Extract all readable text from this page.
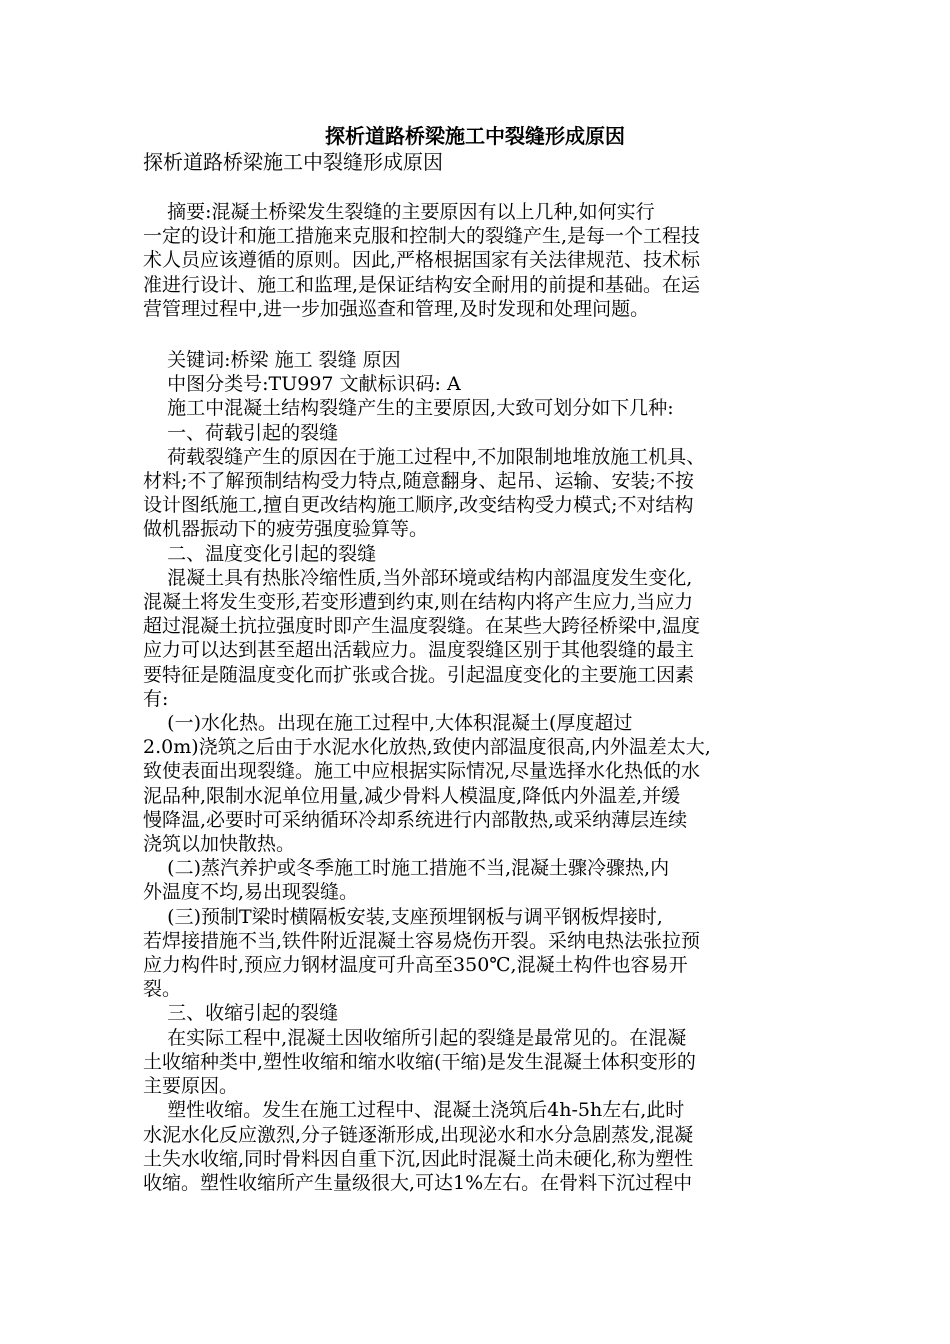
探析道路桥梁施工中裂缝形成原因
探析道路桥梁施工中裂缝形成原因
摘要:混凝土桥梁发生裂缝的主要原因有以上几种,如何实行
一定的设计和施工措施来克服和控制大的裂缝产生,是每一个工程技
术人员应该遵循的原则。因此,严格根据国家有关法律规范、技术标
准进行设计、施工和监理,是保证结构安全耐用的前提和基础。在运
营管理过程中,进一步加强巡查和管理,及时发现和处理问题。
关键词:桥梁 施工 裂缝 原因
中图分类号:TU997 文献标识码: A
施工中混凝土结构裂缝产生的主要原因,大致可划分如下几种:
一、荷载引起的裂缝
荷载裂缝产生的原因在于施工过程中,不加限制地堆放施工机具、
材料;不了解预制结构受力特点,随意翻身、起吊、运输、安装;不按
设计图纸施工,擅自更改结构施工顺序,改变结构受力模式;不对结构
做机器振动下的疲劳强度验算等。
二、温度变化引起的裂缝
混凝土具有热胀冷缩性质,当外部环境或结构内部温度发生变化,
混凝土将发生变形,若变形遭到约束,则在结构内将产生应力,当应力
超过混凝土抗拉强度时即产生温度裂缝。在某些大跨径桥梁中,温度
应力可以达到甚至超出活载应力。温度裂缝区别于其他裂缝的最主
要特征是随温度变化而扩张或合拢。引起温度变化的主要施工因素
有:
(一)水化热。出现在施工过程中,大体积混凝土(厚度超过
2.0m)浇筑之后由于水泥水化放热,致使内部温度很高,内外温差太大,
致使表面出现裂缝。施工中应根据实际情况,尽量选择水化热低的水
泥品种,限制水泥单位用量,减少骨料人模温度,降低内外温差,并缓
慢降温,必要时可采纳循环冷却系统进行内部散热,或采纳薄层连续
浇筑以加快散热。
(二)蒸汽养护或冬季施工时施工措施不当,混凝土骤冷骤热,内
外温度不均,易出现裂缝。
(三)预制T梁时横隔板安装,支座预埋钢板与调平钢板焊接时,
若焊接措施不当,铁件附近混凝土容易烧伤开裂。采纳电热法张拉预
应力构件时,预应力钢材温度可升高至350℃,混凝土构件也容易开
裂。
三、收缩引起的裂缝
在实际工程中,混凝土因收缩所引起的裂缝是最常见的。在混凝
土收缩种类中,塑性收缩和缩水收缩(干缩)是发生混凝土体积变形的
主要原因。
塑性收缩。发生在施工过程中、混凝土浇筑后4h-5h左右,此时
水泥水化反应激烈,分子链逐渐形成,出现泌水和水分急剧蒸发,混凝
土失水收缩,同时骨料因自重下沉,因此时混凝土尚未硬化,称为塑性
收缩。塑性收缩所产生量级很大,可达1%左右。在骨料下沉过程中
